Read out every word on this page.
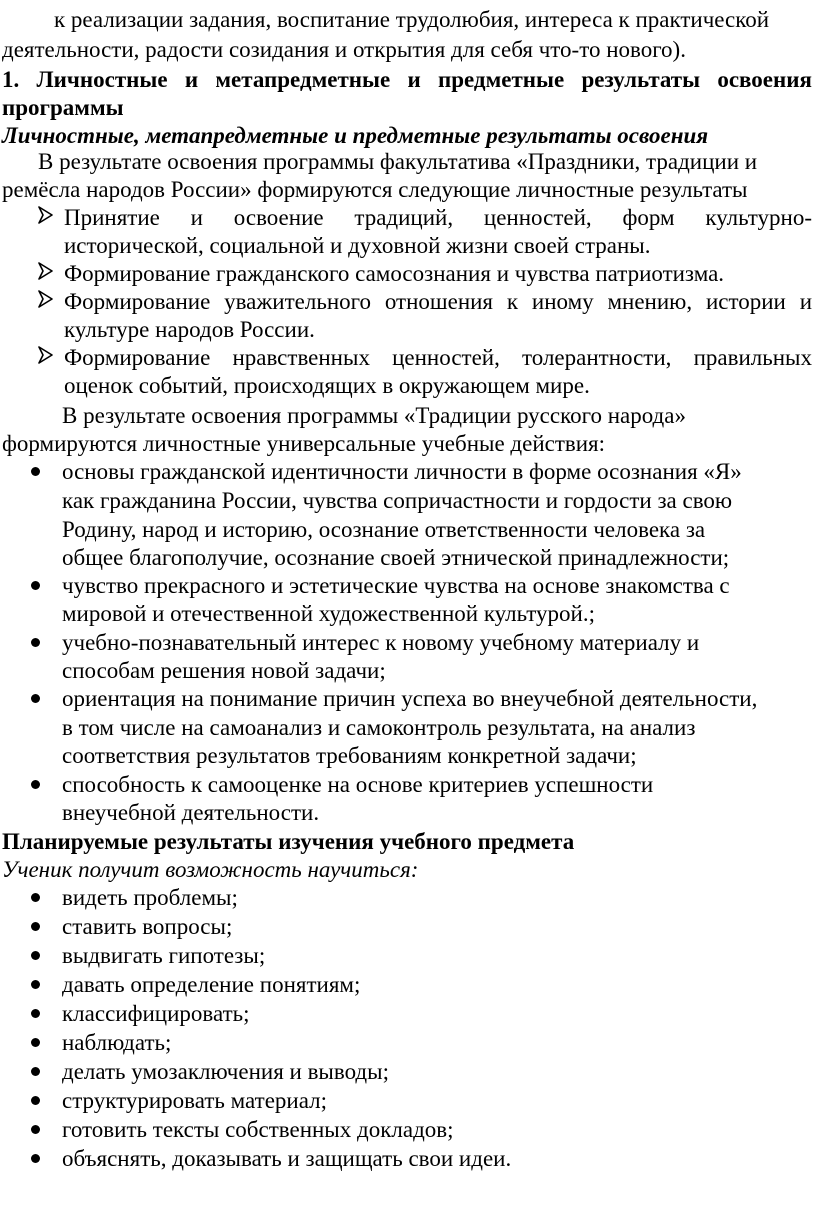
к реализации задания, воспитание трудолюбия, интереса к практической
деятельности, радости созидания и открытия для себя что-то нового).
1. Личностные и метапредметные и предметные результаты освоения
программы
Личностные, метапредметные и предметные результаты освоения
В результате освоения программы факультатива «Праздники, традиции и
ремёсла народов России» формируются следующие личностные результаты
Принятие и освоение традиций, ценностей, форм культурно-
исторической, социальной и духовной жизни своей страны.
Формирование гражданского самосознания и чувства патриотизма.
Формирование уважительного отношения к иному мнению, истории и
культуре народов России.
Формирование нравственных ценностей, толерантности, правильных
оценок событий, происходящих в окружающем мире.
В результате освоения программы «Традиции русского народа»
формируются личностные универсальные учебные действия:
основы гражданской идентичности личности в форме осознания «Я»
как гражданина России, чувства сопричастности и гордости за свою
Родину, народ и историю, осознание ответственности человека за
общее благополучие, осознание своей этнической принадлежности;
чувство прекрасного и эстетические чувства на основе знакомства с
мировой и отечественной художественной культурой.;
учебно-познавательный интерес к новому учебному материалу и
способам решения новой задачи;
ориентация на понимание причин успеха во внеучебной деятельности,
в том числе на самоанализ и самоконтроль результата, на анализ
соответствия результатов требованиям конкретной задачи;
способность к самооценке на основе критериев успешности
внеучебной деятельности.
Планируемые результаты изучения учебного предмета
Ученик получит возможность научиться:
видеть проблемы;
ставить вопросы;
выдвигать гипотезы;
давать определение понятиям;
классифицировать;
наблюдать;
делать умозаключения и выводы;
структурировать материал;
готовить тексты собственных докладов;
объяснять, доказывать и защищать свои идеи.
